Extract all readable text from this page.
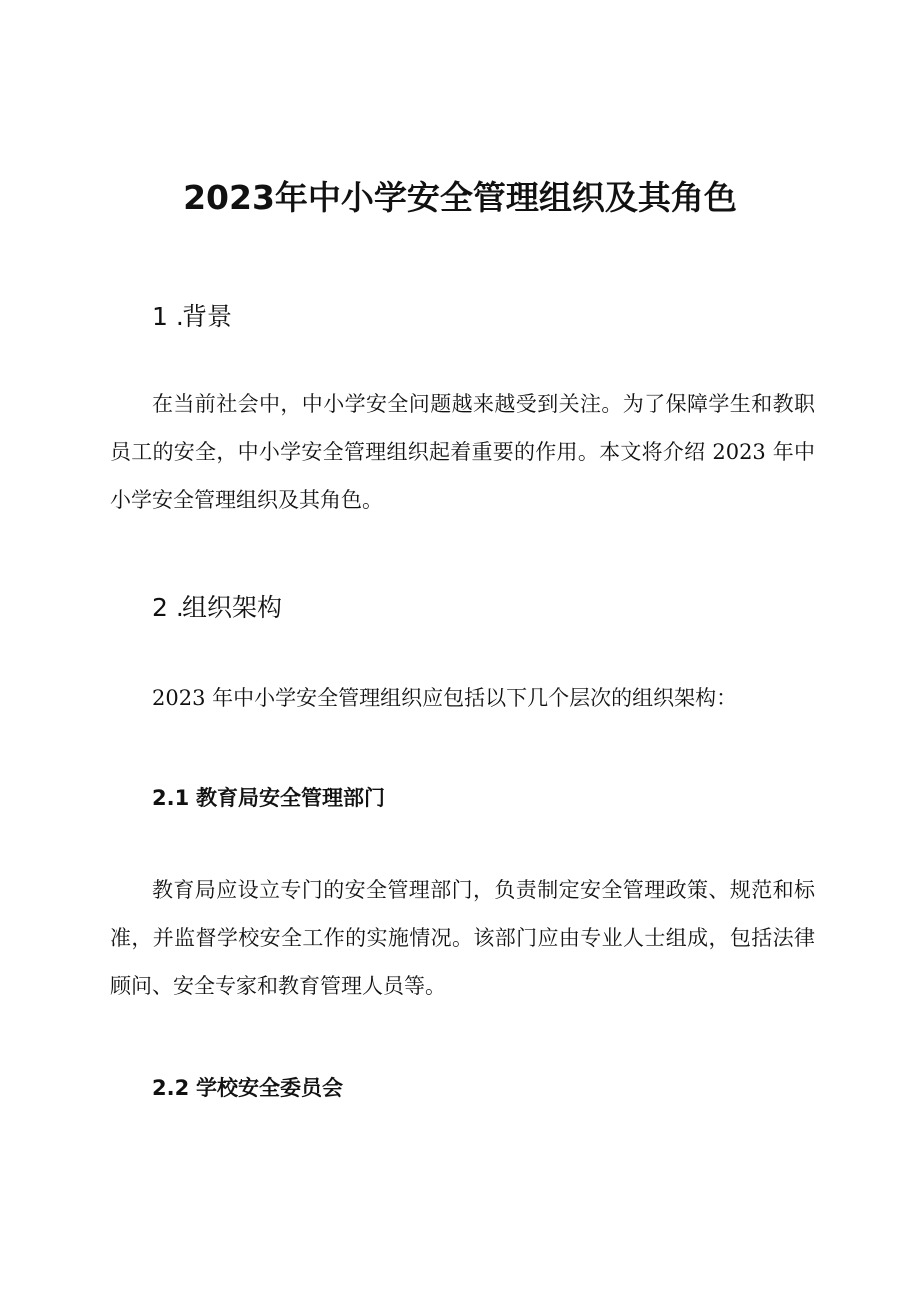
2023年中小学安全管理组织及其角色
1 .背景

在当前社会中，中小学安全问题越来越受到关注。为了保障学生和教职员工的安全，中小学安全管理组织起着重要的作用。本文将介绍 2023 年中小学安全管理组织及其角色。

2 .组织架构

2023 年中小学安全管理组织应包括以下几个层次的组织架构：

2.1 教育局安全管理部门

教育局应设立专门的安全管理部门，负责制定安全管理政策、规范和标准，并监督学校安全工作的实施情况。该部门应由专业人士组成，包括法律顾问、安全专家和教育管理人员等。

2.2 学校安全委员会
